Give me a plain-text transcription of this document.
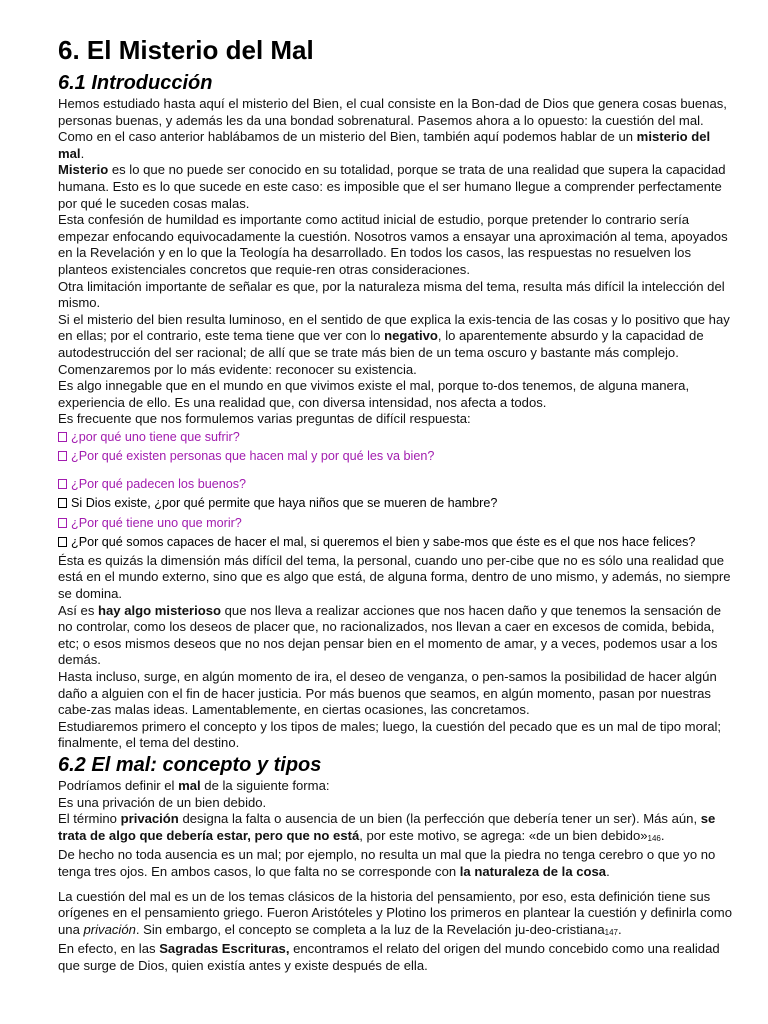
6. El Misterio del Mal
6.1 Introducción

Hemos estudiado hasta aquí el misterio del Bien, el cual consiste en la Bon-dad de Dios que genera cosas buenas, personas buenas, y además les da una bondad sobrenatural. Pasemos ahora a lo opuesto: la cuestión del mal.

Como en el caso anterior hablábamos de un misterio del Bien, también aquí podemos hablar de un misterio del mal.

Misterio es lo que no puede ser conocido en su totalidad, porque se trata de una realidad que supera la capacidad humana. Esto es lo que sucede en este caso: es imposible que el ser humano llegue a comprender perfectamente por qué le suceden cosas malas.

Esta confesión de humildad es importante como actitud inicial de estudio, porque pretender lo contrario sería empezar enfocando equivocadamente la cuestión. Nosotros vamos a ensayar una aproximación al tema, apoyados en la Revelación y en lo que la Teología ha desarrollado. En todos los casos, las respuestas no resuelven los planteos existenciales concretos que requie-ren otras consideraciones.

Otra limitación importante de señalar es que, por la naturaleza misma del tema, resulta más difícil la intelección del mismo.

Si el misterio del bien resulta luminoso, en el sentido de que explica la exis-tencia de las cosas y lo positivo que hay en ellas; por el contrario, este tema tiene que ver con lo negativo, lo aparentemente absurdo y la capacidad de autodestrucción del ser racional; de allí que se trate más bien de un tema oscuro y bastante más complejo.

Comenzaremos por lo más evidente: reconocer su existencia.

Es algo innegable que en el mundo en que vivimos existe el mal, porque to-dos tenemos, de alguna manera, experiencia de ello. Es una realidad que, con diversa intensidad, nos afecta a todos.

Es frecuente que nos formulemos varias preguntas de difícil respuesta:

¿por qué uno tiene que sufrir?

¿Por qué existen personas que hacen mal y por qué les va bien?

¿Por qué padecen los buenos?

Si Dios existe, ¿por qué permite que haya niños que se mueren de hambre?

¿Por qué tiene uno que morir?

¿Por qué somos capaces de hacer el mal, si queremos el bien y sabe-mos que éste es el que nos hace felices?

Ésta es quizás la dimensión más difícil del tema, la personal, cuando uno per-cibe que no es sólo una realidad que está en el mundo externo, sino que es algo que está, de alguna forma, dentro de uno mismo, y además, no siempre se domina.

Así es hay algo misterioso que nos lleva a realizar acciones que nos hacen daño y que tenemos la sensación de no controlar, como los deseos de placer que, no racionalizados, nos llevan a caer en excesos de comida, bebida, etc; o esos mismos deseos que no nos dejan pensar bien en el momento de amar, y a veces, podemos usar a los demás.

Hasta incluso, surge, en algún momento de ira, el deseo de venganza, o pen-samos la posibilidad de hacer algún daño a alguien con el fin de hacer justicia. Por más buenos que seamos, en algún momento, pasan por nuestras cabe-zas malas ideas. Lamentablemente, en ciertas ocasiones, las concretamos.

Estudiaremos primero el concepto y los tipos de males; luego, la cuestión del pecado que es un mal de tipo moral; finalmente, el tema del destino.

6.2 El mal: concepto y tipos

Podríamos definir el mal de la siguiente forma:

Es una privación de un bien debido.

El término privación designa la falta o ausencia de un bien (la perfección que debería tener un ser). Más aún, se trata de algo que debería estar, pero que no está, por este motivo, se agrega: «de un bien $debido»_{146}$.

De hecho no toda ausencia es un mal; por ejemplo, no resulta un mal que la piedra no tenga cerebro o que yo no tenga tres ojos. En ambos casos, lo que falta no se corresponde con la naturaleza de la cosa.

La cuestión del mal es un de los temas clásicos de la historia del pensamiento, por eso, esta definición tiene sus orígenes en el pensamiento griego. Fueron Aristóteles y Plotino los primeros en plantear la cuestión y definirla como una privación. Sin embargo, el concepto se completa a la luz de la Revelación ju-deo-cristiana$_{147}$.

En efecto, en las Sagradas Escrituras, encontramos el relato del origen del mundo concebido como una realidad que surge de Dios, quien existía antes y existe después de ella.
